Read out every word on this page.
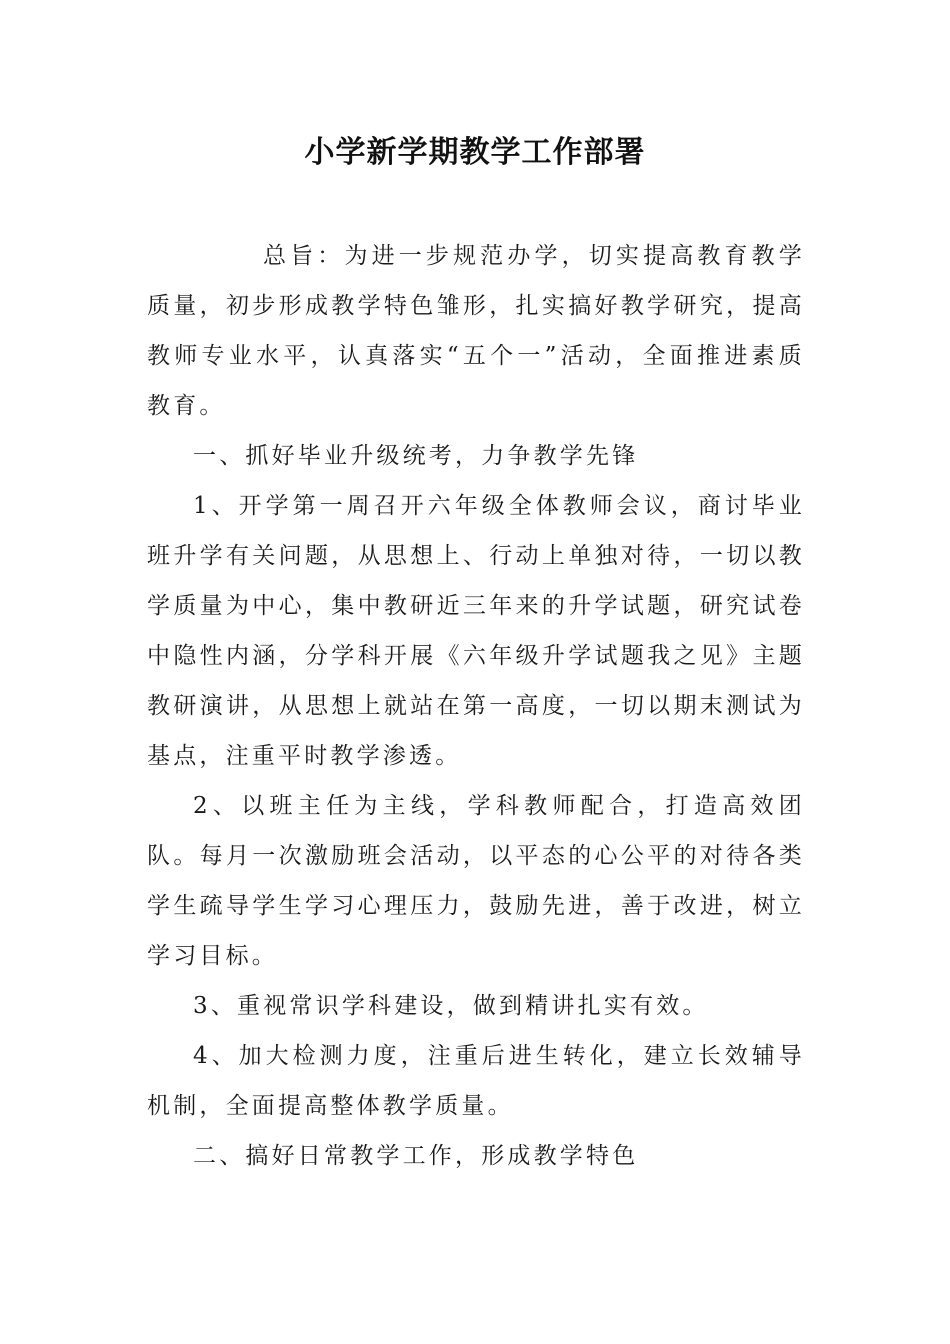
小学新学期教学工作部署

总旨：为进一步规范办学，切实提高教育教学质量，初步形成教学特色雏形，扎实搞好教学研究，提高教师专业水平，认真落实“五个一”活动，全面推进素质教育。

一、抓好毕业升级统考，力争教学先锋

1、开学第一周召开六年级全体教师会议，商讨毕业班升学有关问题，从思想上、行动上单独对待，一切以教学质量为中心，集中教研近三年来的升学试题，研究试卷中隐性内涵，分学科开展《六年级升学试题我之见》主题教研演讲，从思想上就站在第一高度，一切以期末测试为基点，注重平时教学渗透。

2、以班主任为主线，学科教师配合，打造高效团队。每月一次激励班会活动，以平态的心公平的对待各类学生疏导学生学习心理压力，鼓励先进，善于改进，树立学习目标。

3、重视常识学科建设，做到精讲扎实有效。

4、加大检测力度，注重后进生转化，建立长效辅导机制，全面提高整体教学质量。

二、搞好日常教学工作，形成教学特色
